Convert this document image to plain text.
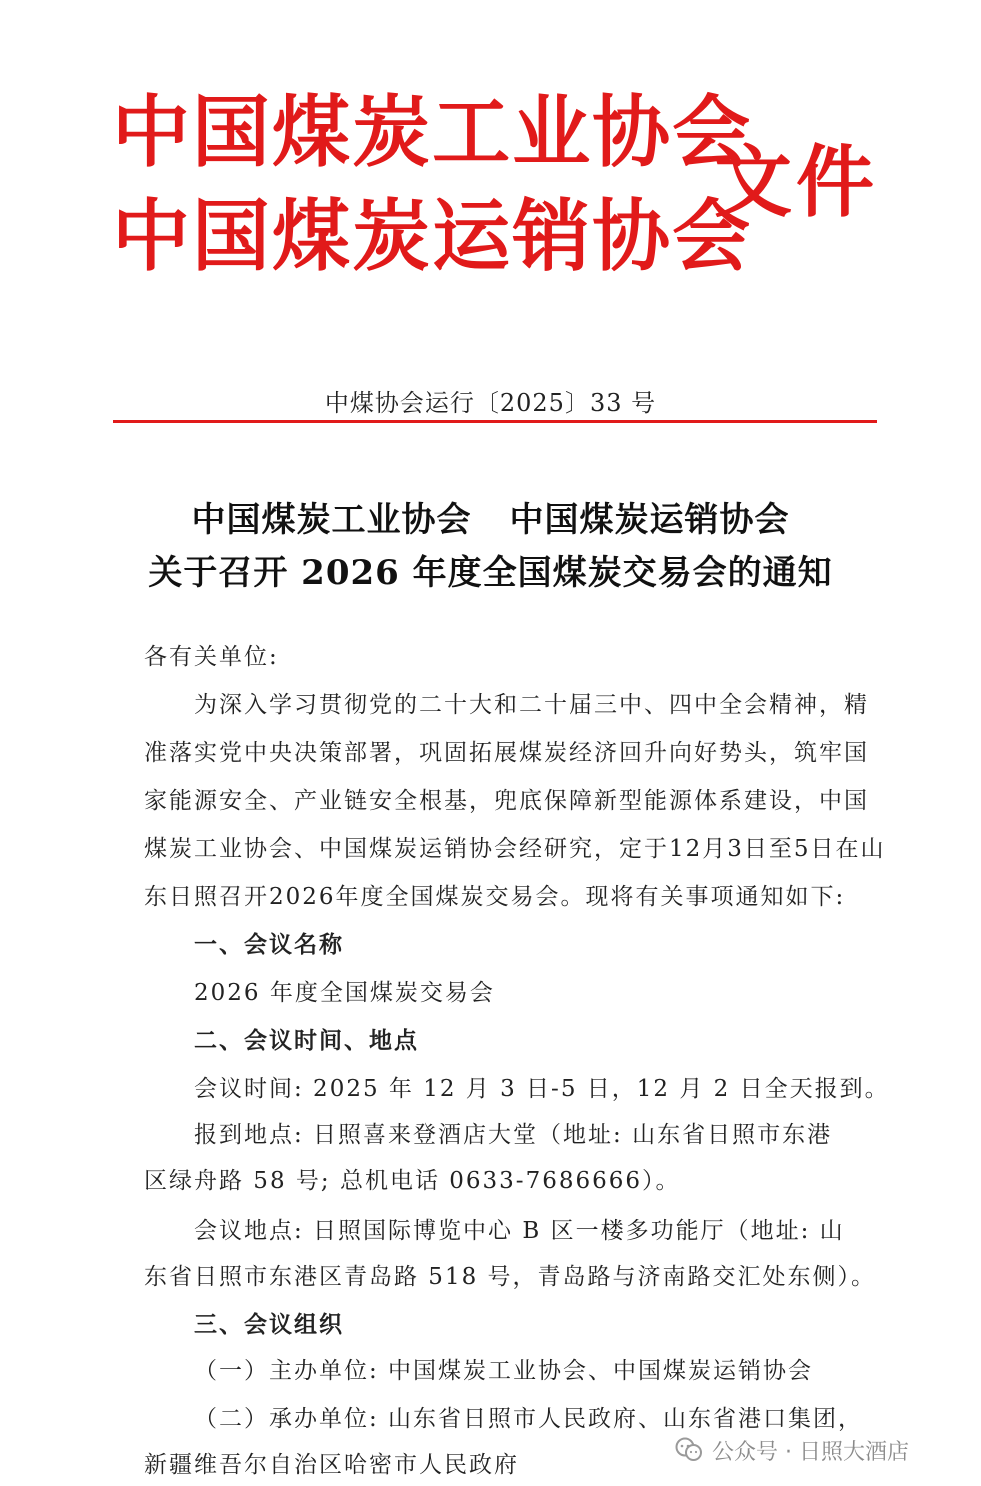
中 国 煤 炭 工 业 协 会
中 国 煤 炭 运 销 协 会
文件
中煤协会运行〔2025〕33 号
中国煤炭工业协会 中国煤炭运销协会
关于召开 2026 年度全国煤炭交易会的通知
各有关单位:
为深入学习贯彻党的二十大和二十届三中、四中全会精神，精
准落实党中央决策部署，巩固拓展煤炭经济回升向好势头，筑牢国
家能源安全、产业链安全根基，兜底保障新型能源体系建设，中国
煤炭工业协会、中国煤炭运销协会经研究，定于12月3日至5日在山
东日照召开2026年度全国煤炭交易会。现将有关事项通知如下:
一、会议名称
2026 年度全国煤炭交易会
二、会议时间、地点
会议时间: 2025 年 12 月 3 日-5 日，12 月 2 日全天报到。
报到地点: 日照喜来登酒店大堂（地址: 山东省日照市东港
区绿舟路 58 号; 总机电话 0633-7686666）。
会议地点: 日照国际博览中心 B 区一楼多功能厅（地址: 山
东省日照市东港区青岛路 518 号，青岛路与济南路交汇处东侧）。
三、会议组织
（一）主办单位: 中国煤炭工业协会、中国煤炭运销协会
（二）承办单位: 山东省日照市人民政府、山东省港口集团，
新疆维吾尔自治区哈密市人民政府	公众号 · 日照大酒店
